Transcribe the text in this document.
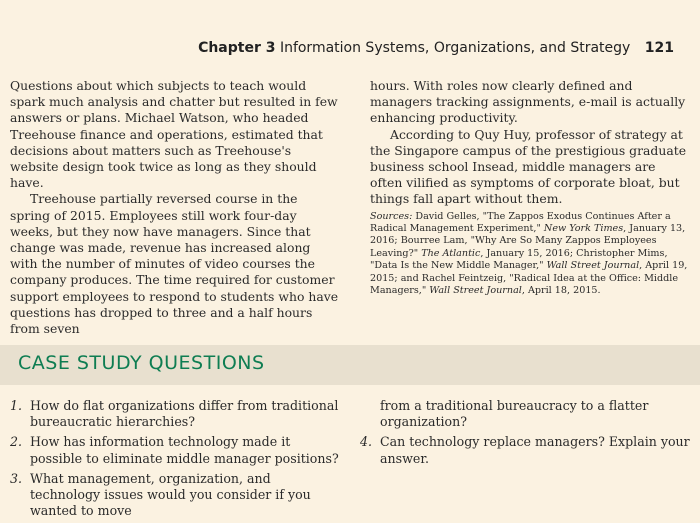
Chapter 3 Information Systems, Organizations, and Strategy 121

Questions about which subjects to teach would spark much analysis and chatter but resulted in few answers or plans. Michael Watson, who headed Treehouse finance and operations, estimated that decisions about matters such as Treehouse's website design took twice as long as they should have.

Treehouse partially reversed course in the spring of 2015. Employees still work four-day weeks, but they now have managers. Since that change was made, revenue has increased along with the number of minutes of video courses the company produces. The time required for customer support employees to respond to students who have questions has dropped to three and a half hours from seven

hours. With roles now clearly defined and managers tracking assignments, e-mail is actually enhancing productivity.

According to Quy Huy, professor of strategy at the Singapore campus of the prestigious graduate business school Insead, middle managers are often vilified as symptoms of corporate bloat, but things fall apart without them.

Sources: David Gelles, "The Zappos Exodus Continues After a Radical Management Experiment," New York Times, January 13, 2016; Bourree Lam, "Why Are So Many Zappos Employees Leaving?" The Atlantic, January 15, 2016; Christopher Mims, "Data Is the New Middle Manager," Wall Street Journal, April 19, 2015; and Rachel Feintzeig, "Radical Idea at the Office: Middle Managers," Wall Street Journal, April 18, 2015.

CASE STUDY QUESTIONS
1. How do flat organizations differ from traditional bureaucratic hierarchies?
2. How has information technology made it possible to eliminate middle manager positions?
3. What management, organization, and technology issues would you consider if you wanted to move
from a traditional bureaucracy to a flatter organization?
4. Can technology replace managers? Explain your answer.
